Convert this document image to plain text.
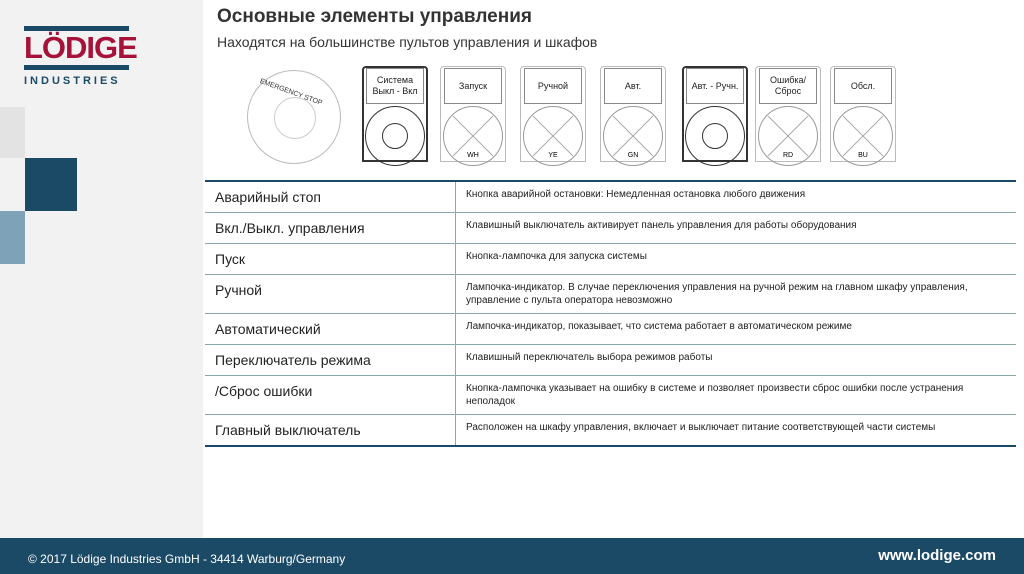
LÖDIGE
INDUSTRIES
Основные элементы управления
Находятся на большинстве пультов управления и шкафов
EMERGENCY STOP	Система Выкл - Вкл
Запуск
WH
Ручной
YE
Авт.
GN
Авт. - Ручн.
Ошибка/ Сброс
RD
Обсл.
BU
Аварийный стоп	Кнопка аварийной остановки: Немедленная остановка любого движения
Вкл./Выкл. управления	Клавишный выключатель активирует панель управления для работы оборудования
Пуск	Кнопка-лампочка для запуска системы
Ручной	Лампочка-индикатор. В случае переключения управления на ручной режим на главном шкафу управления, управление с пульта оператора невозможно
Автоматический	Лампочка-индикатор, показывает, что система работает в автоматическом режиме
Переключатель режима	Клавишный переключатель выбора режимов работы
/Сброс ошибки	Кнопка-лампочка указывает на ошибку в системе и позволяет произвести сброс ошибки после устранения неполадок
Главный выключатель	Расположен на шкафу управления, включает и выключает питание соответствующей части системы
© 2017 Lödige Industries GmbH - 34414 Warburg/Germany	www.lodige.com
